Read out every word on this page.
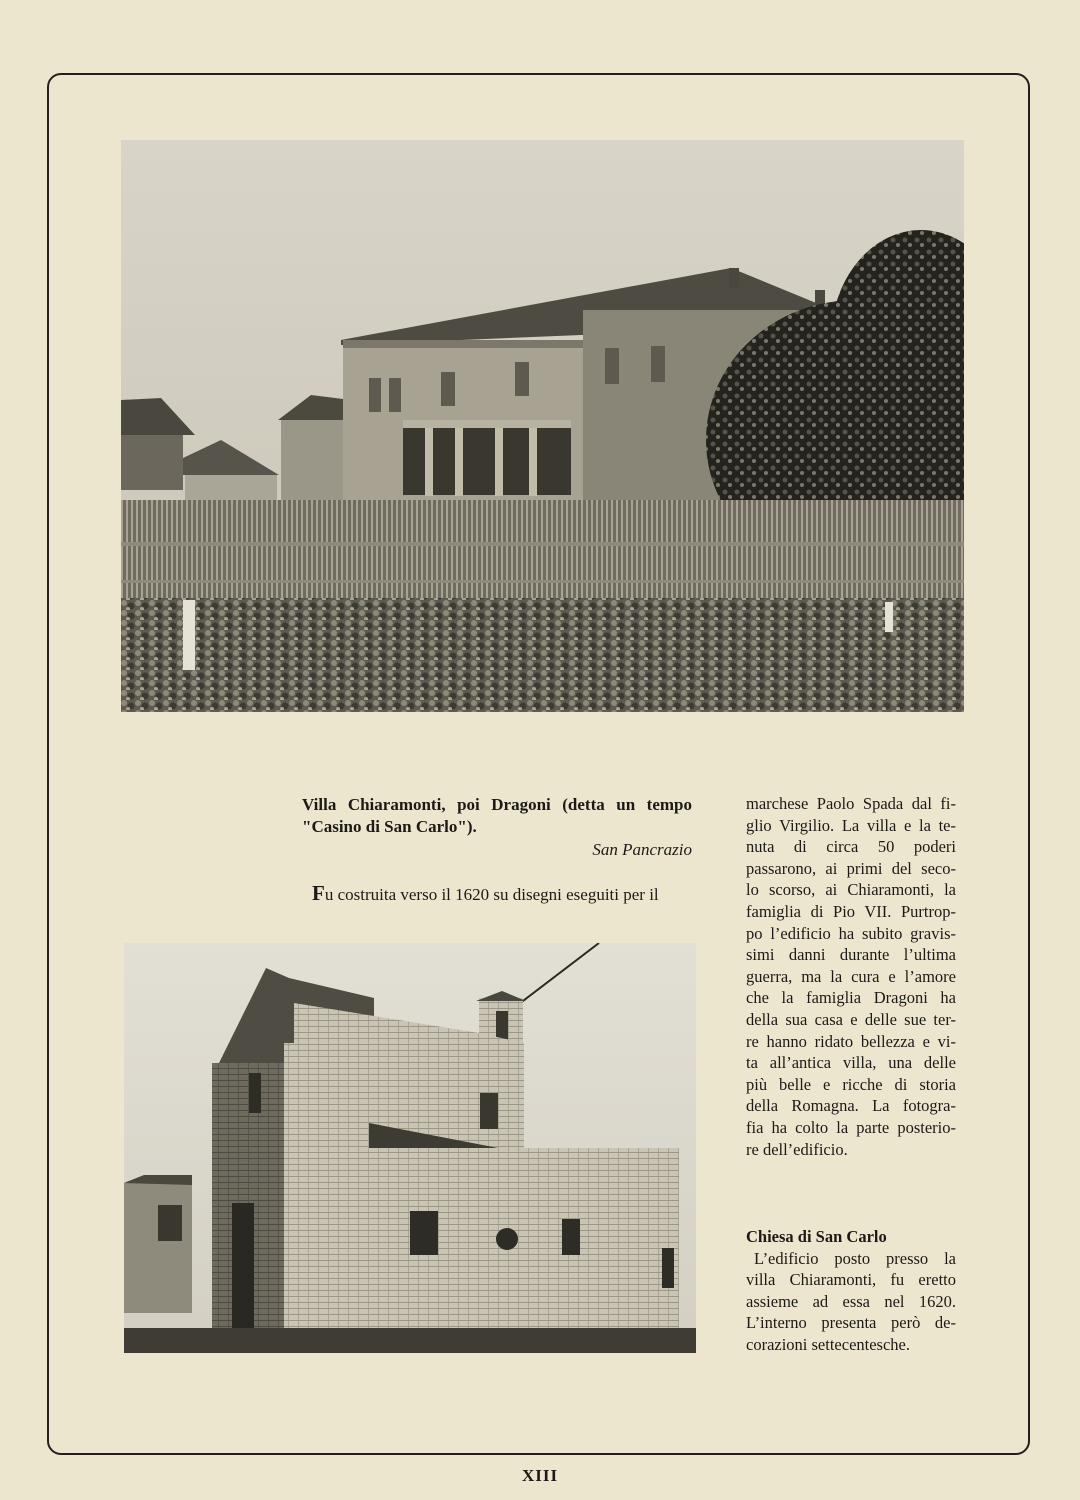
Villa Chiaramonti, poi Dragoni (detta un tempo "Casino di San Carlo").
San Pancrazio
Fu costruita verso il 1620 su disegni eseguiti per il
marchese Paolo Spada dal fi-
glio Virgilio. La villa e la te-
nuta di circa 50 poderi
passarono, ai primi del seco-
lo scorso, ai Chiaramonti, la
famiglia di Pio VII. Purtrop-
po l’edificio ha subito gravis-
simi danni durante l’ultima
guerra, ma la cura e l’amore
che la famiglia Dragoni ha
della sua casa e delle sue ter-
re hanno ridato bellezza e vi-
ta all’antica villa, una delle
più belle e ricche di storia
della Romagna. La fotogra-
fia ha colto la parte posterio-
re dell’edificio.
Chiesa di San Carlo
L’edificio posto presso la
villa Chiaramonti, fu eretto
assieme ad essa nel 1620.
L’interno presenta però de-
corazioni settecentesche.
XIII
